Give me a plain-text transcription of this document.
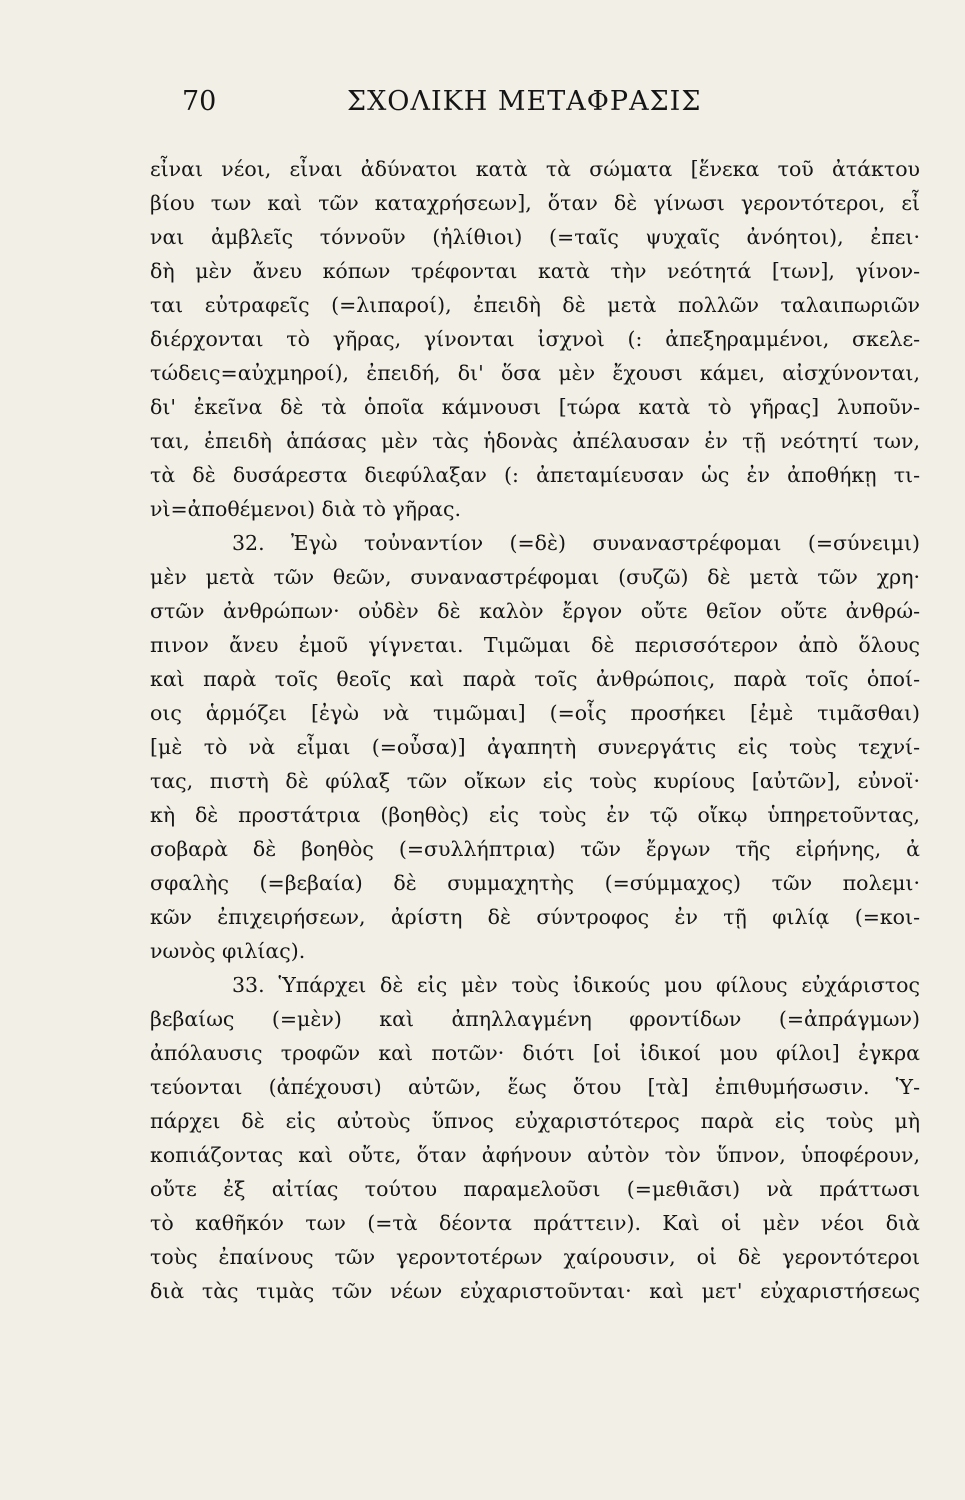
70	ΣΧΟΛΙΚΗ ΜΕΤΑΦΡΑΣΙΣ
εἶναι νέοι, εἶναι ἀδύνατοι κατὰ τὰ σώματα [ἕνεκα τοῦ ἀτάκτου
βίου των καὶ τῶν καταχρήσεων], ὅταν δὲ γίνωσι γεροντότεροι, εἶ
ναι ἀμβλεῖς τόννοῦν (ἠλίθιοι) (=ταῖς ψυχαῖς ἀνόητοι), ἐπει·
δὴ μὲν ἄνευ κόπων τρέφονται κατὰ τὴν νεότητά [των], γίνον-
ται εὐτραφεῖς (=λιπαροί), ἐπειδὴ δὲ μετὰ πολλῶν ταλαιπωριῶν
διέρχονται τὸ γῆρας, γίνονται ἰσχνοὶ (: ἀπεξηραμμένοι, σκελε-
τώδεις=αὐχμηροί), ἐπειδή, δι' ὅσα μὲν ἔχουσι κάμει, αἰσχύνονται,
δι' ἐκεῖνα δὲ τὰ ὁποῖα κάμνουσι [τώρα κατὰ τὸ γῆρας] λυποῦν-
ται, ἐπειδὴ ἁπάσας μὲν τὰς ἡδονὰς ἀπέλαυσαν ἐν τῇ νεότητί των,
τὰ δὲ δυσάρεστα διεφύλαξαν (: ἀπεταμίευσαν ὡς ἐν ἀποθήκῃ τι-
νὶ=ἀποθέμενοι) διὰ τὸ γῆρας.
32. Ἐγὼ τοὐναντίον (=δὲ) συναναστρέφομαι (=σύνειμι)
μὲν μετὰ τῶν θεῶν, συναναστρέφομαι (συζῶ) δὲ μετὰ τῶν χρη·
στῶν ἀνθρώπων· οὐδὲν δὲ καλὸν ἔργον οὔτε θεῖον οὔτε ἀνθρώ-
πινον ἄνευ ἐμοῦ γίγνεται. Τιμῶμαι δὲ περισσότερον ἀπὸ ὅλους
καὶ παρὰ τοῖς θεοῖς καὶ παρὰ τοῖς ἀνθρώποις, παρὰ τοῖς ὁποί-
οις ἁρμόζει [ἐγὼ νὰ τιμῶμαι] (=οἷς προσήκει [ἐμὲ τιμᾶσθαι)
[μὲ τὸ νὰ εἶμαι (=οὖσα)] ἀγαπητὴ συνεργάτις εἰς τοὺς τεχνί-
τας, πιστὴ δὲ φύλαξ τῶν οἴκων εἰς τοὺς κυρίους [αὐτῶν], εὐνοϊ·
κὴ δὲ προστάτρια (βοηθὸς) εἰς τοὺς ἐν τῷ οἴκῳ ὑπηρετοῦντας,
σοβαρὰ δὲ βοηθὸς (=συλλήπτρια) τῶν ἔργων τῆς εἰρήνης, ἀ
σφαλὴς (=βεβαία) δὲ συμμαχητὴς (=σύμμαχος) τῶν πολεμι·
κῶν ἐπιχειρήσεων, ἀρίστη δὲ σύντροφος ἐν τῇ φιλίᾳ (=κοι-
νωνὸς φιλίας).
33. Ὑπάρχει δὲ εἰς μὲν τοὺς ἰδικούς μου φίλους εὐχάριστος
βεβαίως (=μὲν) καὶ ἀπηλλαγμένη φροντίδων (=ἀπράγμων)
ἀπόλαυσις τροφῶν καὶ ποτῶν· διότι [οἱ ἰδικοί μου φίλοι] ἐγκρα
τεύονται (ἀπέχουσι) αὐτῶν, ἕως ὅτου [τὰ] ἐπιθυμήσωσιν. Ὑ-
πάρχει δὲ εἰς αὐτοὺς ὕπνος εὐχαριστότερος παρὰ εἰς τοὺς μὴ
κοπιάζοντας καὶ οὔτε, ὅταν ἀφήνουν αὐτὸν τὸν ὕπνον, ὑποφέρουν,
οὔτε ἐξ αἰτίας τούτου παραμελοῦσι (=μεθιᾶσι) νὰ πράττωσι
τὸ καθῆκόν των (=τὰ δέοντα πράττειν). Καὶ οἱ μὲν νέοι διὰ
τοὺς ἐπαίνους τῶν γεροντοτέρων χαίρουσιν, οἱ δὲ γεροντότεροι
διὰ τὰς τιμὰς τῶν νέων εὐχαριστοῦνται· καὶ μετ' εὐχαριστήσεως
